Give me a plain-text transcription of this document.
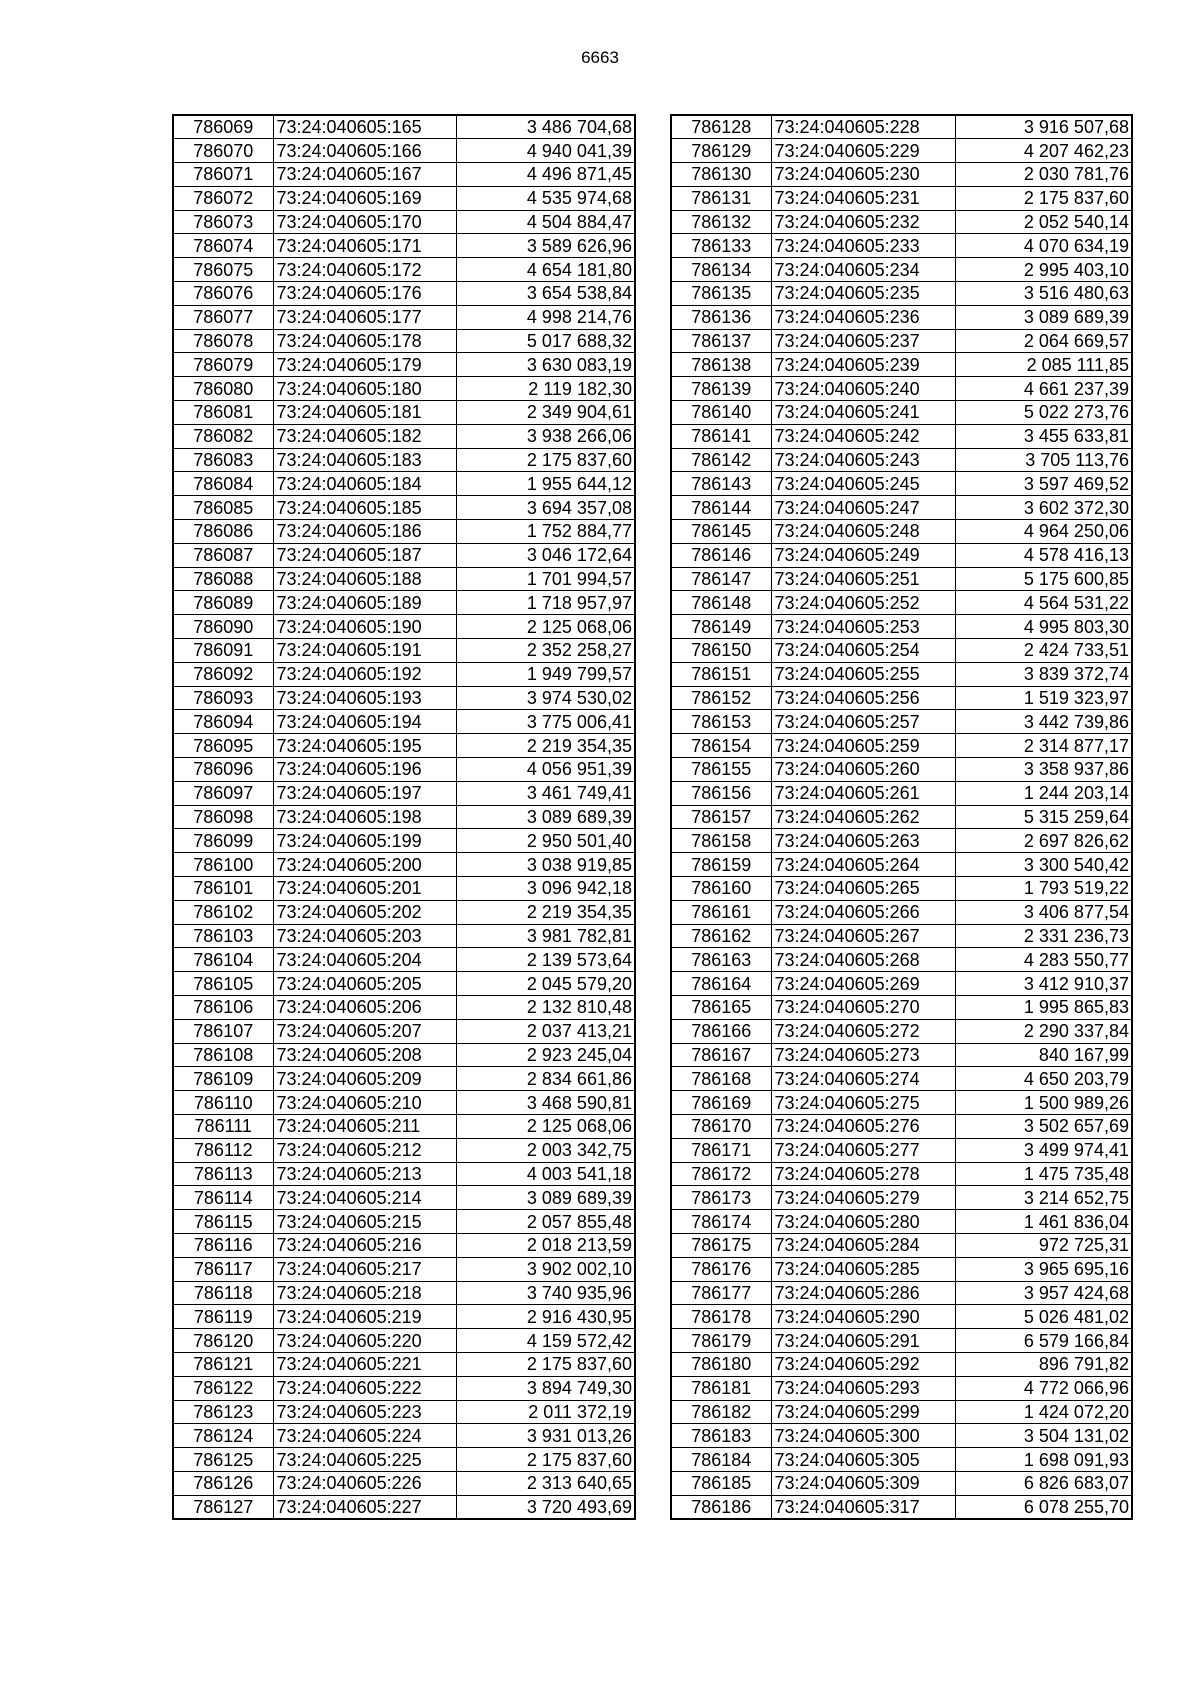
6663
786069	73:24:040605:165	3 486 704,68
786070	73:24:040605:166	4 940 041,39
786071	73:24:040605:167	4 496 871,45
786072	73:24:040605:169	4 535 974,68
786073	73:24:040605:170	4 504 884,47
786074	73:24:040605:171	3 589 626,96
786075	73:24:040605:172	4 654 181,80
786076	73:24:040605:176	3 654 538,84
786077	73:24:040605:177	4 998 214,76
786078	73:24:040605:178	5 017 688,32
786079	73:24:040605:179	3 630 083,19
786080	73:24:040605:180	2 119 182,30
786081	73:24:040605:181	2 349 904,61
786082	73:24:040605:182	3 938 266,06
786083	73:24:040605:183	2 175 837,60
786084	73:24:040605:184	1 955 644,12
786085	73:24:040605:185	3 694 357,08
786086	73:24:040605:186	1 752 884,77
786087	73:24:040605:187	3 046 172,64
786088	73:24:040605:188	1 701 994,57
786089	73:24:040605:189	1 718 957,97
786090	73:24:040605:190	2 125 068,06
786091	73:24:040605:191	2 352 258,27
786092	73:24:040605:192	1 949 799,57
786093	73:24:040605:193	3 974 530,02
786094	73:24:040605:194	3 775 006,41
786095	73:24:040605:195	2 219 354,35
786096	73:24:040605:196	4 056 951,39
786097	73:24:040605:197	3 461 749,41
786098	73:24:040605:198	3 089 689,39
786099	73:24:040605:199	2 950 501,40
786100	73:24:040605:200	3 038 919,85
786101	73:24:040605:201	3 096 942,18
786102	73:24:040605:202	2 219 354,35
786103	73:24:040605:203	3 981 782,81
786104	73:24:040605:204	2 139 573,64
786105	73:24:040605:205	2 045 579,20
786106	73:24:040605:206	2 132 810,48
786107	73:24:040605:207	2 037 413,21
786108	73:24:040605:208	2 923 245,04
786109	73:24:040605:209	2 834 661,86
786110	73:24:040605:210	3 468 590,81
786111	73:24:040605:211	2 125 068,06
786112	73:24:040605:212	2 003 342,75
786113	73:24:040605:213	4 003 541,18
786114	73:24:040605:214	3 089 689,39
786115	73:24:040605:215	2 057 855,48
786116	73:24:040605:216	2 018 213,59
786117	73:24:040605:217	3 902 002,10
786118	73:24:040605:218	3 740 935,96
786119	73:24:040605:219	2 916 430,95
786120	73:24:040605:220	4 159 572,42
786121	73:24:040605:221	2 175 837,60
786122	73:24:040605:222	3 894 749,30
786123	73:24:040605:223	2 011 372,19
786124	73:24:040605:224	3 931 013,26
786125	73:24:040605:225	2 175 837,60
786126	73:24:040605:226	2 313 640,65
786127	73:24:040605:227	3 720 493,69
786128	73:24:040605:228	3 916 507,68
786129	73:24:040605:229	4 207 462,23
786130	73:24:040605:230	2 030 781,76
786131	73:24:040605:231	2 175 837,60
786132	73:24:040605:232	2 052 540,14
786133	73:24:040605:233	4 070 634,19
786134	73:24:040605:234	2 995 403,10
786135	73:24:040605:235	3 516 480,63
786136	73:24:040605:236	3 089 689,39
786137	73:24:040605:237	2 064 669,57
786138	73:24:040605:239	2 085 111,85
786139	73:24:040605:240	4 661 237,39
786140	73:24:040605:241	5 022 273,76
786141	73:24:040605:242	3 455 633,81
786142	73:24:040605:243	3 705 113,76
786143	73:24:040605:245	3 597 469,52
786144	73:24:040605:247	3 602 372,30
786145	73:24:040605:248	4 964 250,06
786146	73:24:040605:249	4 578 416,13
786147	73:24:040605:251	5 175 600,85
786148	73:24:040605:252	4 564 531,22
786149	73:24:040605:253	4 995 803,30
786150	73:24:040605:254	2 424 733,51
786151	73:24:040605:255	3 839 372,74
786152	73:24:040605:256	1 519 323,97
786153	73:24:040605:257	3 442 739,86
786154	73:24:040605:259	2 314 877,17
786155	73:24:040605:260	3 358 937,86
786156	73:24:040605:261	1 244 203,14
786157	73:24:040605:262	5 315 259,64
786158	73:24:040605:263	2 697 826,62
786159	73:24:040605:264	3 300 540,42
786160	73:24:040605:265	1 793 519,22
786161	73:24:040605:266	3 406 877,54
786162	73:24:040605:267	2 331 236,73
786163	73:24:040605:268	4 283 550,77
786164	73:24:040605:269	3 412 910,37
786165	73:24:040605:270	1 995 865,83
786166	73:24:040605:272	2 290 337,84
786167	73:24:040605:273	840 167,99
786168	73:24:040605:274	4 650 203,79
786169	73:24:040605:275	1 500 989,26
786170	73:24:040605:276	3 502 657,69
786171	73:24:040605:277	3 499 974,41
786172	73:24:040605:278	1 475 735,48
786173	73:24:040605:279	3 214 652,75
786174	73:24:040605:280	1 461 836,04
786175	73:24:040605:284	972 725,31
786176	73:24:040605:285	3 965 695,16
786177	73:24:040605:286	3 957 424,68
786178	73:24:040605:290	5 026 481,02
786179	73:24:040605:291	6 579 166,84
786180	73:24:040605:292	896 791,82
786181	73:24:040605:293	4 772 066,96
786182	73:24:040605:299	1 424 072,20
786183	73:24:040605:300	3 504 131,02
786184	73:24:040605:305	1 698 091,93
786185	73:24:040605:309	6 826 683,07
786186	73:24:040605:317	6 078 255,70
